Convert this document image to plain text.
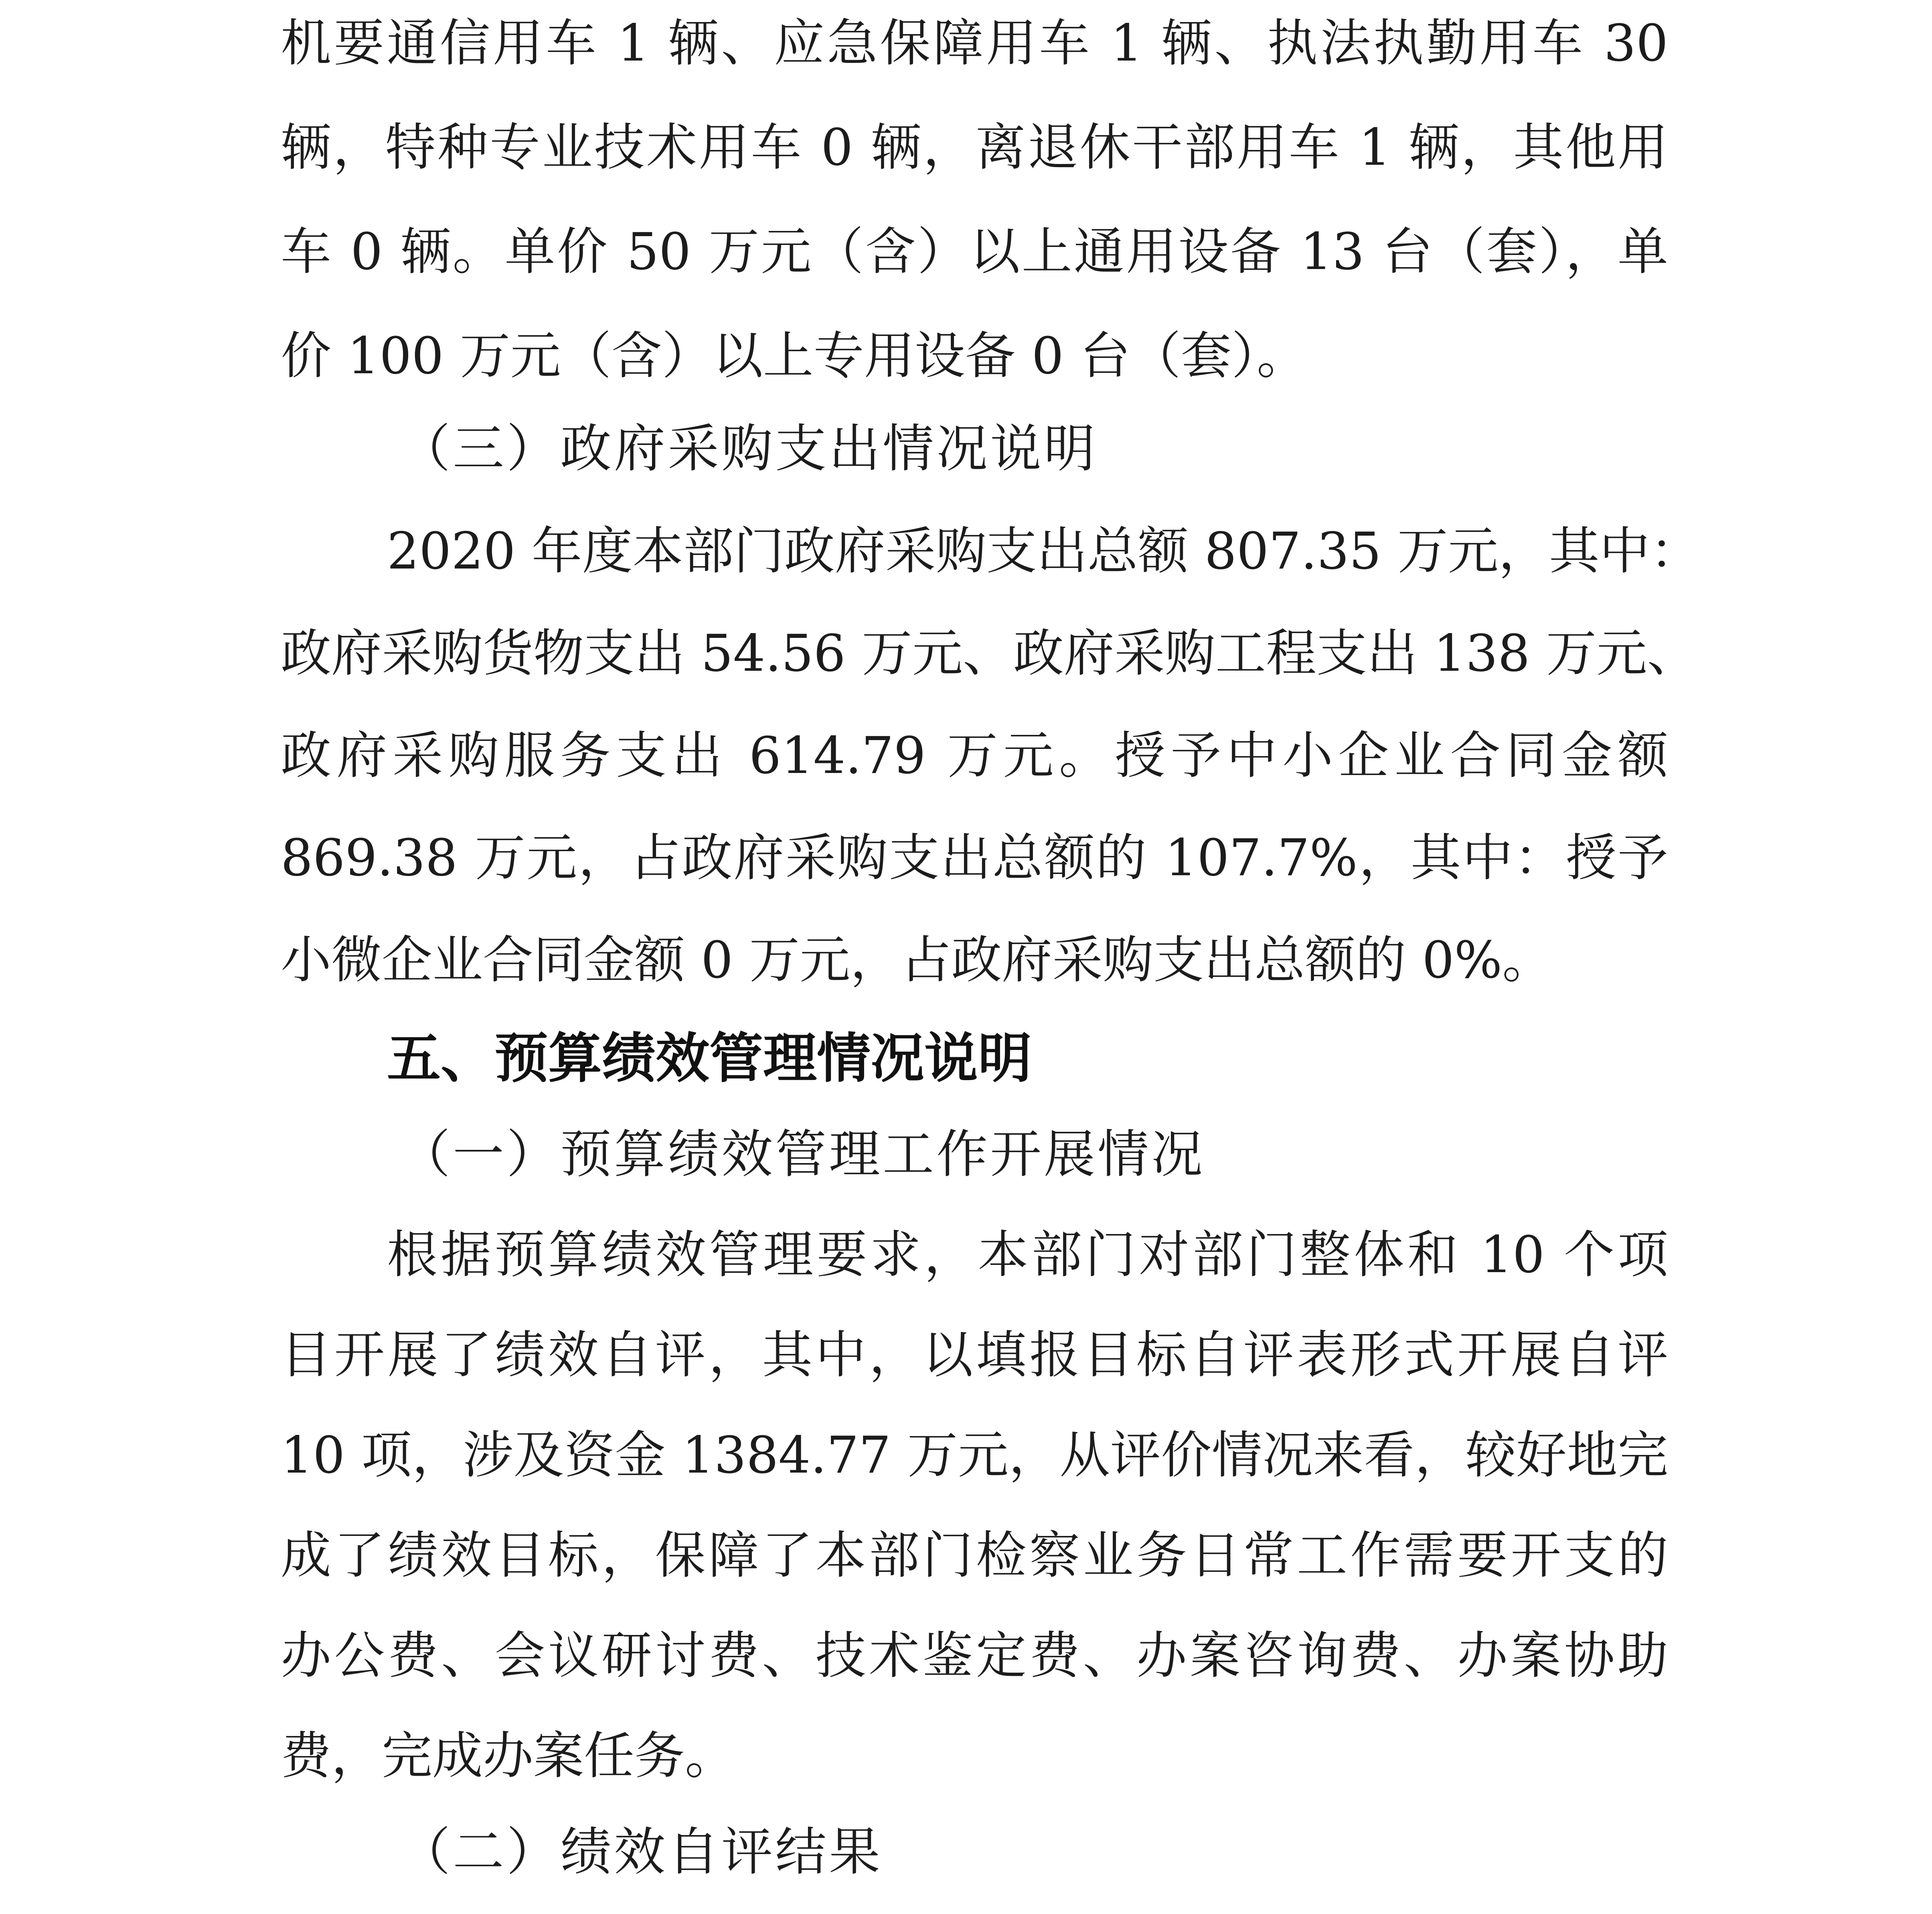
机要通信用车 1 辆、应急保障用车 1 辆、执法执勤用车 30
辆，特种专业技术用车 0 辆，离退休干部用车 1 辆，其他用
车 0 辆。单价 50 万元（含）以上通用设备 13 台（套），单
价 100 万元（含）以上专用设备 0 台（套）。
（三）政府采购支出情况说明
2020 年度本部门政府采购支出总额 807.35 万元，其中：
政府采购货物支出 54.56 万元、政府采购工程支出 138 万元、
政府采购服务支出 614.79 万元。授予中小企业合同金额
869.38 万元，占政府采购支出总额的 107.7%，其中：授予
小微企业合同金额 0 万元，占政府采购支出总额的 0%。
五、预算绩效管理情况说明
（一）预算绩效管理工作开展情况
根据预算绩效管理要求，本部门对部门整体和 10 个项
目开展了绩效自评，其中，以填报目标自评表形式开展自评
10 项，涉及资金 1384.77 万元，从评价情况来看，较好地完
成了绩效目标，保障了本部门检察业务日常工作需要开支的
办公费、会议研讨费、技术鉴定费、办案咨询费、办案协助
费，完成办案任务。
（二）绩效自评结果
